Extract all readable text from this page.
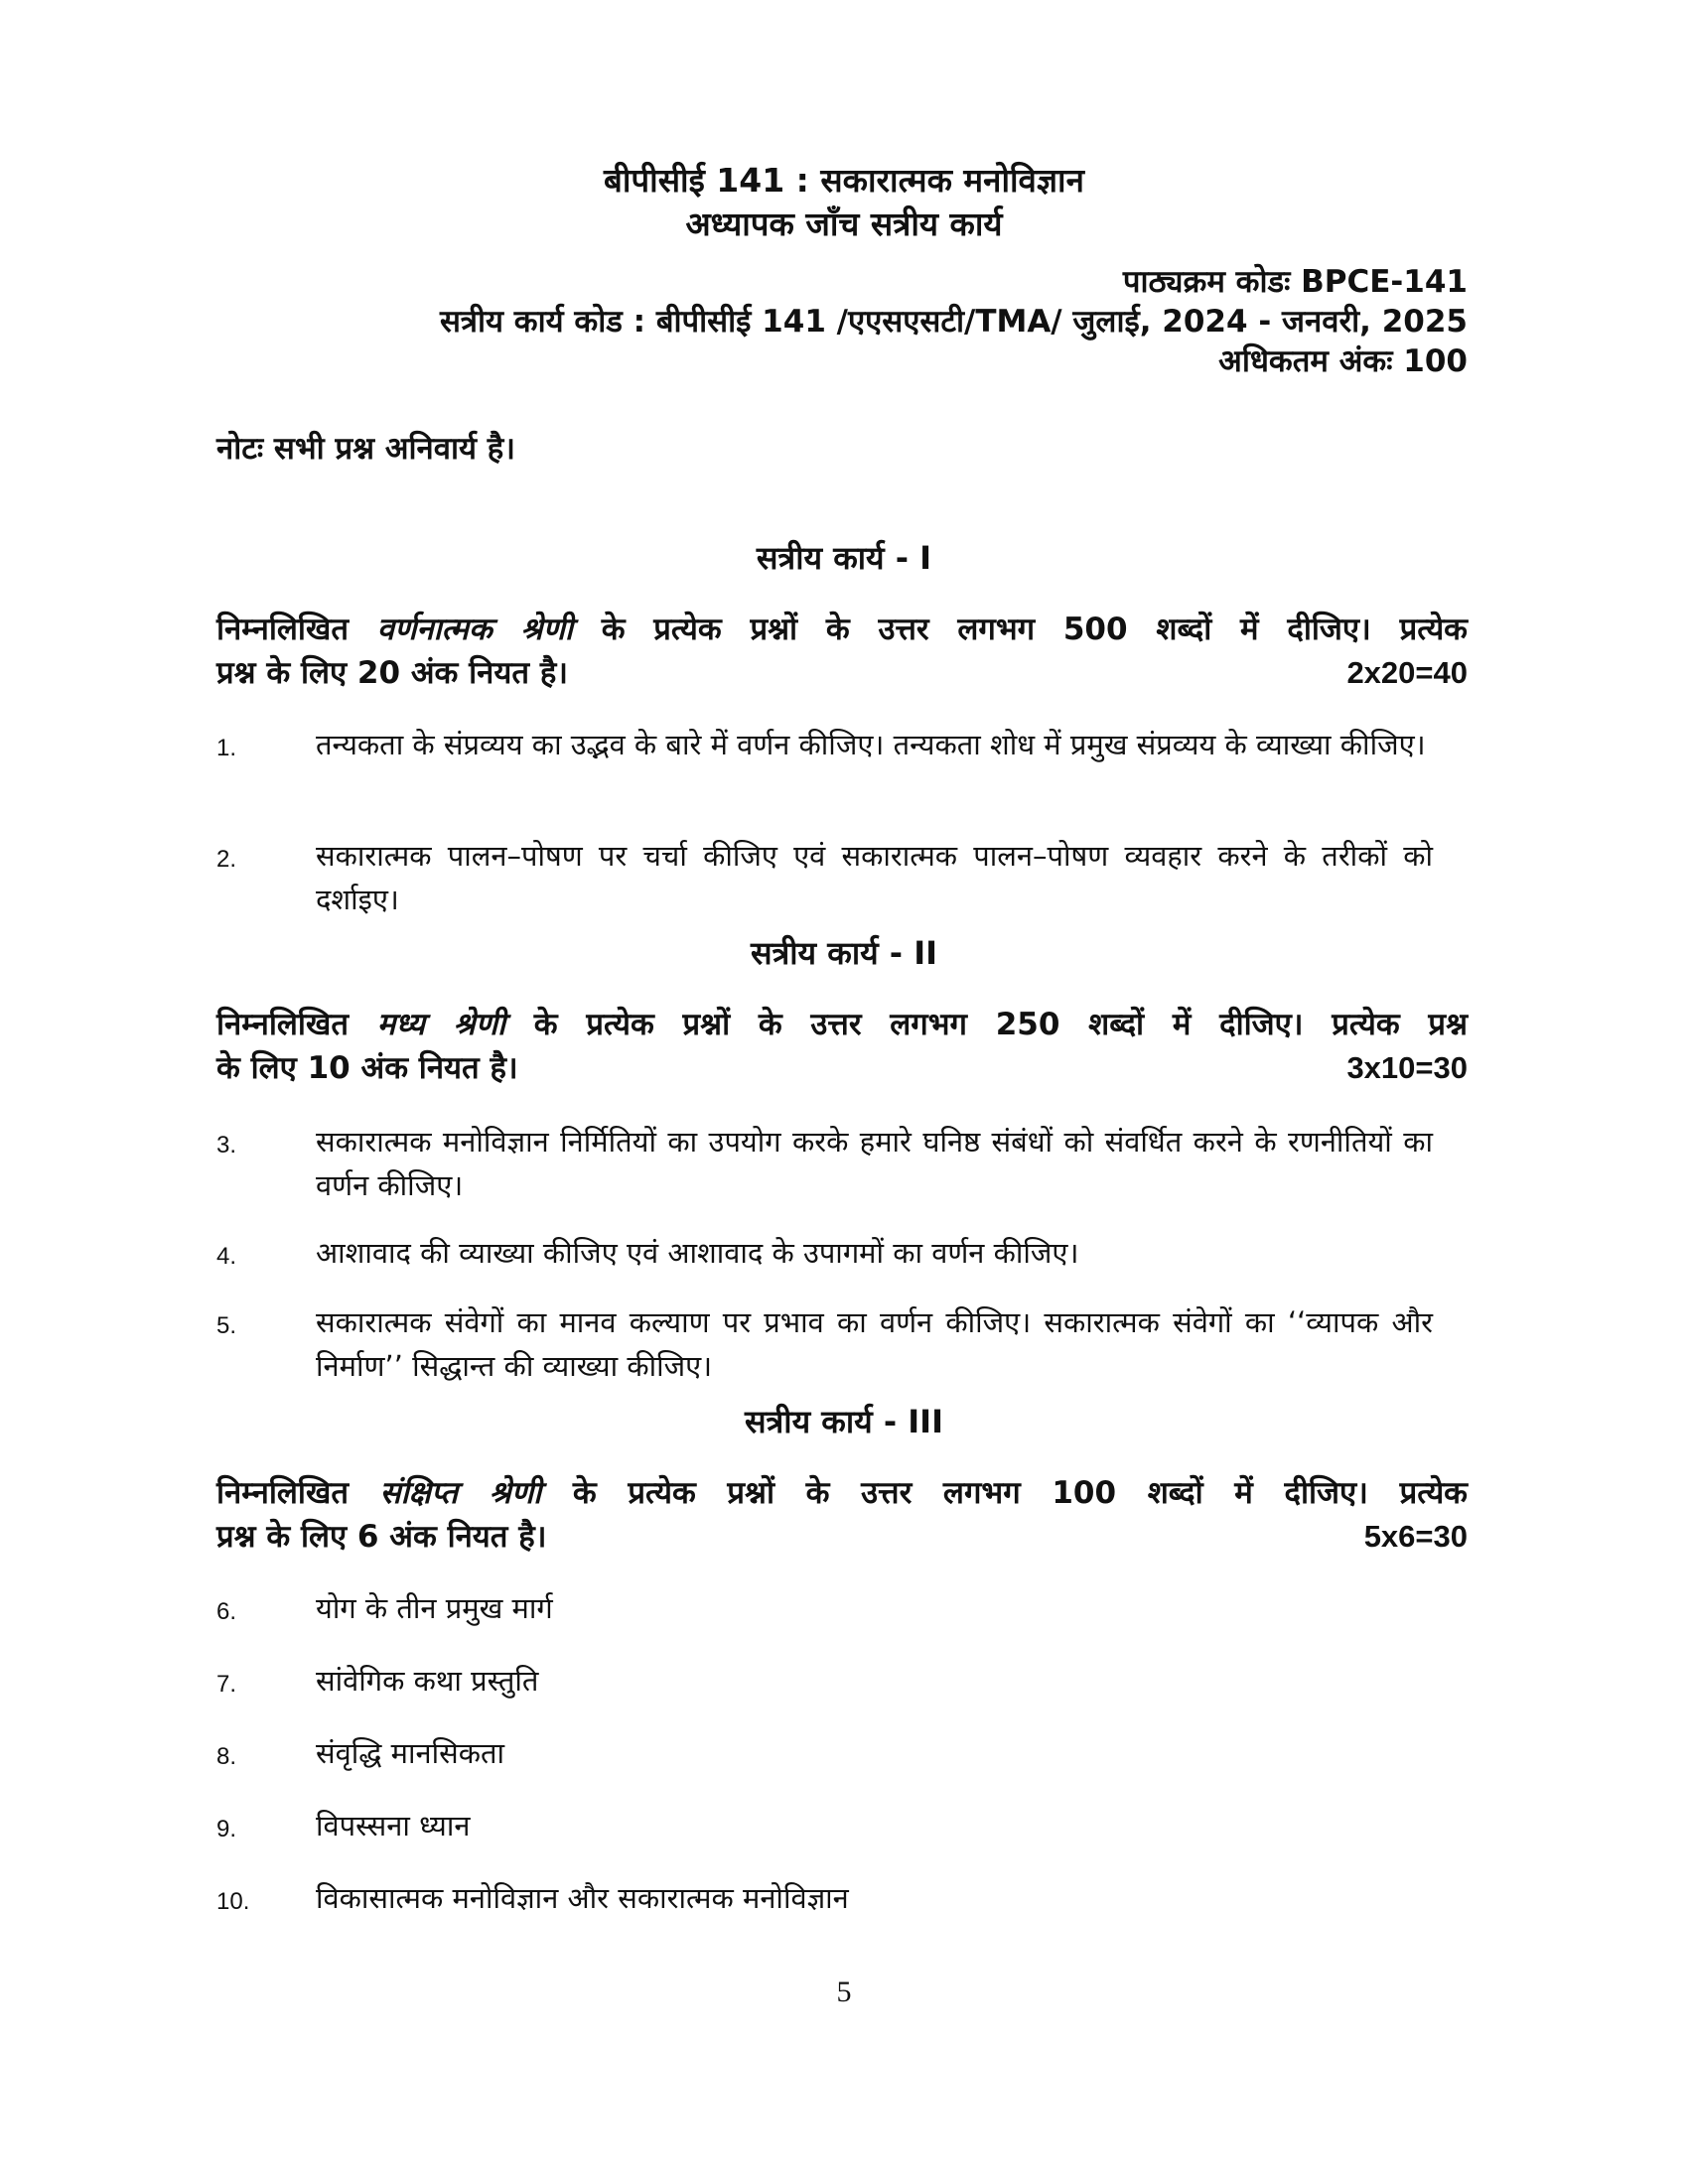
बीपीसीई 141 : सकारात्मक मनोविज्ञान
अध्यापक जाँच सत्रीय कार्य
पाठ्यक्रम कोडः BPCE-141
सत्रीय कार्य कोड : बीपीसीई 141 /एएसएसटी/TMA/ जुलाई, 2024 - जनवरी, 2025
अधिकतम अंकः 100
नोटः सभी प्रश्न अनिवार्य है।
सत्रीय कार्य - I
निम्नलिखित वर्णनात्मक श्रेणी के प्रत्येक प्रश्नों के उत्तर लगभग 500 शब्दों में दीजिए। प्रत्येक
प्रश्न के लिए 20 अंक नियत है।	2x20=40
1.	तन्यकता के संप्रव्यय का उद्भव के बारे में वर्णन कीजिए। तन्यकता शोध में प्रमुख संप्रव्यय के व्याख्या कीजिए।
2.	सकारात्मक पालन–पोषण पर चर्चा कीजिए एवं सकारात्मक पालन–पोषण व्यवहार करने के तरीकों को दर्शाइए।
सत्रीय कार्य - II
निम्नलिखित मध्य श्रेणी के प्रत्येक प्रश्नों के उत्तर लगभग 250 शब्दों में दीजिए। प्रत्येक प्रश्न
के लिए 10 अंक नियत है।	3x10=30
3.	सकारात्मक मनोविज्ञान निर्मितियों का उपयोग करके हमारे घनिष्ठ संबंधों को संवर्धित करने के रणनीतियों का वर्णन कीजिए।
4.	आशावाद की व्याख्या कीजिए एवं आशावाद के उपागमों का वर्णन कीजिए।
5.	सकारात्मक संवेगों का मानव कल्याण पर प्रभाव का वर्णन कीजिए। सकारात्मक संवेगों का ‘‘व्यापक और निर्माण’’ सिद्धान्त की व्याख्या कीजिए।
सत्रीय कार्य - III
निम्नलिखित संक्षिप्त श्रेणी के प्रत्येक प्रश्नों के उत्तर लगभग 100 शब्दों में दीजिए। प्रत्येक
प्रश्न के लिए 6 अंक नियत है।	5x6=30
6.	योग के तीन प्रमुख मार्ग
7.	सांवेगिक कथा प्रस्तुति
8.	संवृद्धि मानसिकता
9.	विपस्सना ध्यान
10.	विकासात्मक मनोविज्ञान और सकारात्मक मनोविज्ञान
5
